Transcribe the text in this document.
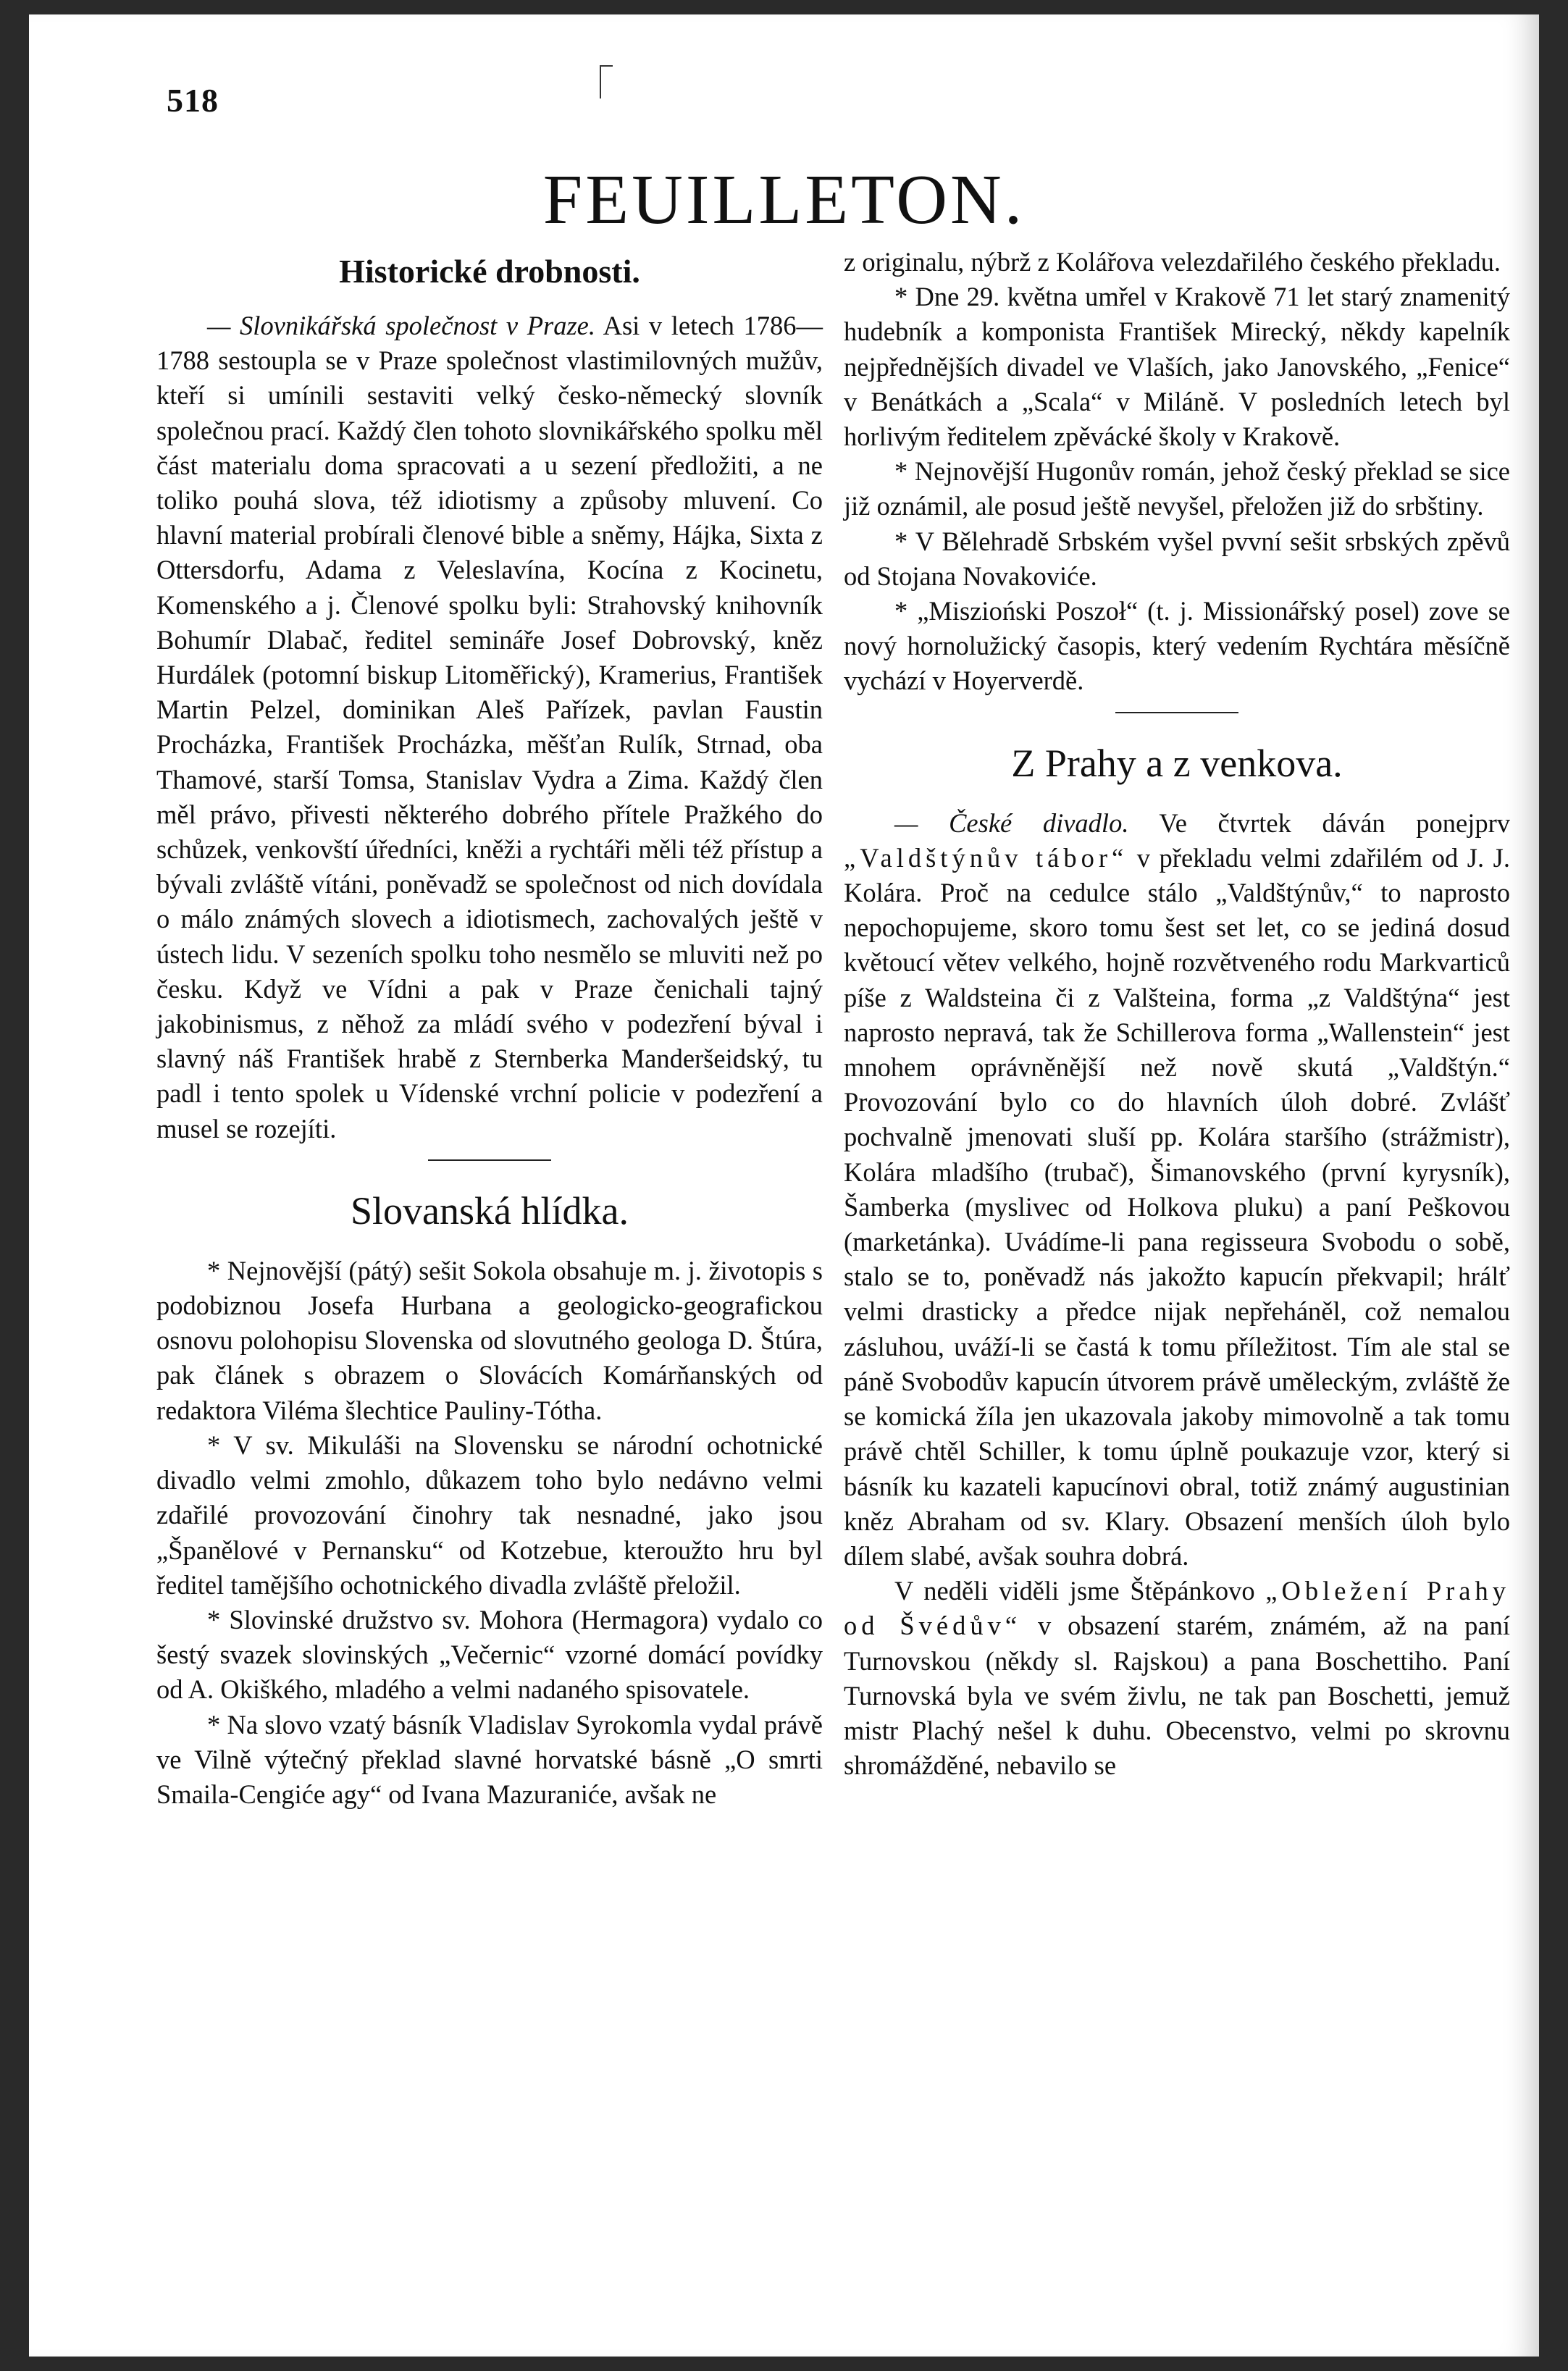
518
FEUILLETON.
Historické drobnosti.

— Slovnikářská společnost v Praze. Asi v letech 1786—1788 sestoupla se v Praze společnost vlastimilovných mužův, kteří si umínili sestaviti velký česko-německý slovník společnou prací. Každý člen tohoto slovnikářského spolku měl část materialu doma spracovati a u sezení předložiti, a ne toliko pouhá slova, též idiotismy a způsoby mluvení. Co hlavní material probírali členové bible a sněmy, Hájka, Sixta z Ottersdorfu, Adama z Veleslavína, Kocína z Kocinetu, Komenského a j. Členové spolku byli: Strahovský knihovník Bohumír Dlabač, ředitel semináře Josef Dobrovský, kněz Hurdálek (potomní biskup Litoměřický), Kramerius, František Martin Pelzel, dominikan Aleš Pařízek, pavlan Faustin Procházka, František Procházka, měšťan Rulík, Strnad, oba Thamové, starší Tomsa, Stanislav Vydra a Zima. Každý člen měl právo, přivesti některého dobrého přítele Pražkého do schůzek, venkovští úředníci, kněži a rychtáři měli též přístup a bývali zvláště vítáni, poněvadž se společnost od nich dovídala o málo známých slovech a idiotismech, zachovalých ještě v ústech lidu. V sezeních spolku toho nesmělo se mluviti než po česku. Když ve Vídni a pak v Praze čenichali tajný jakobinismus, z něhož za mládí svého v podezření býval i slavný náš František hrabě z Sternberka Manderšeidský, tu padl i tento spolek u Vídenské vrchní policie v podezření a musel se rozejíti.

Slovanská hlídka.

* Nejnovější (pátý) sešit Sokola obsahuje m. j. životopis s podobiznou Josefa Hurbana a geologicko-geografickou osnovu polohopisu Slovenska od slovutného geologa D. Štúra, pak článek s obrazem o Slovácích Komárňanských od redaktora Viléma šlechtice Pauliny-Tótha.

* V sv. Mikuláši na Slovensku se národní ochotnické divadlo velmi zmohlo, důkazem toho bylo nedávno velmi zdařilé provozování činohry tak nesnadné, jako jsou „Španělové v Pernansku“ od Kotzebue, kteroužto hru byl ředitel tamějšího ochotnického divadla zvláště přeložil.

* Slovinské družstvo sv. Mohora (Hermagora) vydalo co šestý svazek slovinských „Večernic“ vzorné domácí povídky od A. Okiškého, mladého a velmi nadaného spisovatele.

* Na slovo vzatý básník Vladislav Syrokomla vydal právě ve Vilně výtečný překlad slavné horvatské básně „O smrti Smaila-Cengiće agy“ od Ivana Mazuraniće, avšak ne

z originalu, nýbrž z Kolářova velezdařilého českého překladu.

* Dne 29. května umřel v Krakově 71 let starý znamenitý hudebník a komponista František Mirecký, někdy kapelník nejpřednějších divadel ve Vlaších, jako Janovského, „Fenice“ v Benátkách a „Scala“ v Miláně. V posledních letech byl horlivým ředitelem zpěvácké školy v Krakově.

* Nejnovější Hugonův román, jehož český překlad se sice již oznámil, ale posud ještě nevyšel, přeložen již do srbštiny.

* V Bělehradě Srbském vyšel pvvní sešit srbských zpěvů od Stojana Novakoviće.

* „Miszioński Poszoł“ (t. j. Missionářský posel) zove se nový hornolužický časopis, který vedením Rychtára měsíčně vychází v Hoyerverdě.

Z Prahy a z venkova.

— České divadlo. Ve čtvrtek dáván ponejprv „Valdštýnův tábor“ v překladu velmi zdařilém od J. J. Kolára. Proč na cedulce stálo „Valdštýnův,“ to naprosto nepochopujeme, skoro tomu šest set let, co se jediná dosud květoucí větev velkého, hojně rozvětveného rodu Markvarticů píše z Waldsteina či z Valšteina, forma „z Valdštýna“ jest naprosto nepravá, tak že Schillerova forma „Wallenstein“ jest mnohem oprávněnější než nově skutá „Valdštýn.“ Provozování bylo co do hlavních úloh dobré. Zvlášť pochvalně jmenovati sluší pp. Kolára staršího (strážmistr), Kolára mladšího (trubač), Šimanovského (první kyrysník), Šamberka (myslivec od Holkova pluku) a paní Peškovou (marketánka). Uvádíme-li pana regisseura Svobodu o sobě, stalo se to, poněvadž nás jakožto kapucín překvapil; hrálť velmi drasticky a předce nijak nepřeháněl, což nemalou zásluhou, uváží-li se častá k tomu příležitost. Tím ale stal se páně Svobodův kapucín útvorem právě uměleckým, zvláště že se komická žíla jen ukazovala jakoby mimovolně a tak tomu právě chtěl Schiller, k tomu úplně poukazuje vzor, který si básník ku kazateli kapucínovi obral, totiž známý augustinian kněz Abraham od sv. Klary. Obsazení menších úloh bylo dílem slabé, avšak souhra dobrá.

V neděli viděli jsme Štěpánkovo „Obležení Prahy od Švédův“ v obsazení starém, známém, až na paní Turnovskou (někdy sl. Rajskou) a pana Boschettiho. Paní Turnovská byla ve svém živlu, ne tak pan Boschetti, jemuž mistr Plachý nešel k duhu. Obecenstvo, velmi po skrovnu shromážděné, nebavilo se
